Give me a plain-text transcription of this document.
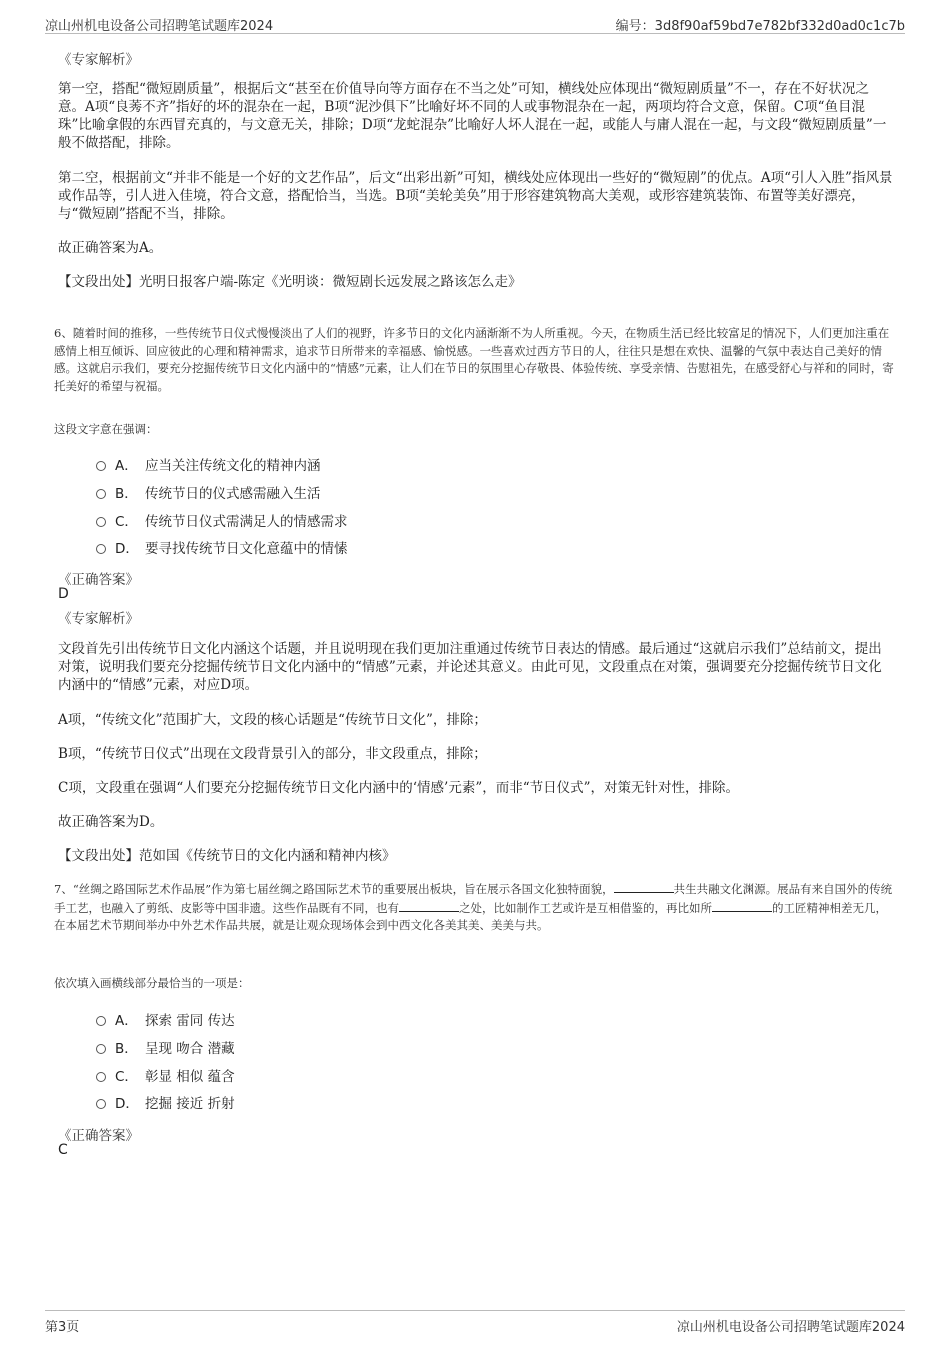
凉山州机电设备公司招聘笔试题库2024	编号：3d8f90af59bd7e782bf332d0ad0c1c7b
《专家解析》
第一空，搭配“微短剧质量”，根据后文“甚至在价值导向等方面存在不当之处”可知，横线处应体现出“微短剧质量”不一，存在不好状况之意。A项“良莠不齐”指好的坏的混杂在一起，B项“泥沙俱下”比喻好坏不同的人或事物混杂在一起，两项均符合文意，保留。C项“鱼目混珠”比喻拿假的东西冒充真的，与文意无关，排除；D项“龙蛇混杂”比喻好人坏人混在一起，或能人与庸人混在一起，与文段“微短剧质量”一般不做搭配，排除。
第二空，根据前文“并非不能是一个好的文艺作品”，后文“出彩出新”可知，横线处应体现出一些好的“微短剧”的优点。A项“引人入胜”指风景或作品等，引人进入佳境，符合文意，搭配恰当，当选。B项“美轮美奂”用于形容建筑物高大美观，或形容建筑装饰、布置等美好漂亮，与“微短剧”搭配不当，排除。
故正确答案为A。
【文段出处】光明日报客户端-陈定《光明谈：微短剧长远发展之路该怎么走》
6、随着时间的推移，一些传统节日仪式慢慢淡出了人们的视野，许多节日的文化内涵渐渐不为人所重视。今天，在物质生活已经比较富足的情况下，人们更加注重在感情上相互倾诉、回应彼此的心理和精神需求，追求节日所带来的幸福感、愉悦感。一些喜欢过西方节日的人，往往只是想在欢快、温馨的气氛中表达自己美好的情感。这就启示我们，要充分挖掘传统节日文化内涵中的“情感”元素，让人们在节日的氛围里心存敬畏、体验传统、享受亲情、告慰祖先，在感受舒心与祥和的同时，寄托美好的希望与祝福。
这段文字意在强调：
A． 应当关注传统文化的精神内涵
B． 传统节日的仪式感需融入生活
C． 传统节日仪式需满足人的情感需求
D． 要寻找传统节日文化意蕴中的情愫
《正确答案》
D
《专家解析》
文段首先引出传统节日文化内涵这个话题，并且说明现在我们更加注重通过传统节日表达的情感。最后通过“这就启示我们”总结前文，提出对策，说明我们要充分挖掘传统节日文化内涵中的“情感”元素，并论述其意义。由此可见，文段重点在对策，强调要充分挖掘传统节日文化内涵中的“情感”元素，对应D项。
A项，“传统文化”范围扩大，文段的核心话题是“传统节日文化”，排除；
B项，“传统节日仪式”出现在文段背景引入的部分，非文段重点，排除；
C项，文段重在强调“人们要充分挖掘传统节日文化内涵中的‘情感’元素”，而非“节日仪式”，对策无针对性，排除。
故正确答案为D。
【文段出处】范如国《传统节日的文化内涵和精神内核》
7、“丝绸之路国际艺术作品展”作为第七届丝绸之路国际艺术节的重要展出板块，旨在展示各国文化独特面貌，	共生共融文化渊源。展品有来自国外的传统手工艺，也融入了剪纸、皮影等中国非遗。这些作品既有不同，也有	之处，比如制作工艺或许是互相借鉴的，再比如所	的工匠精神相差无几，在本届艺术节期间举办中外艺术作品共展，就是让观众现场体会到中西文化各美其美、美美与共。
依次填入画横线部分最恰当的一项是：
A． 探索 雷同 传达
B． 呈现 吻合 潜藏
C． 彰显 相似 蕴含
D． 挖掘 接近 折射
《正确答案》
C
第3页	凉山州机电设备公司招聘笔试题库2024
